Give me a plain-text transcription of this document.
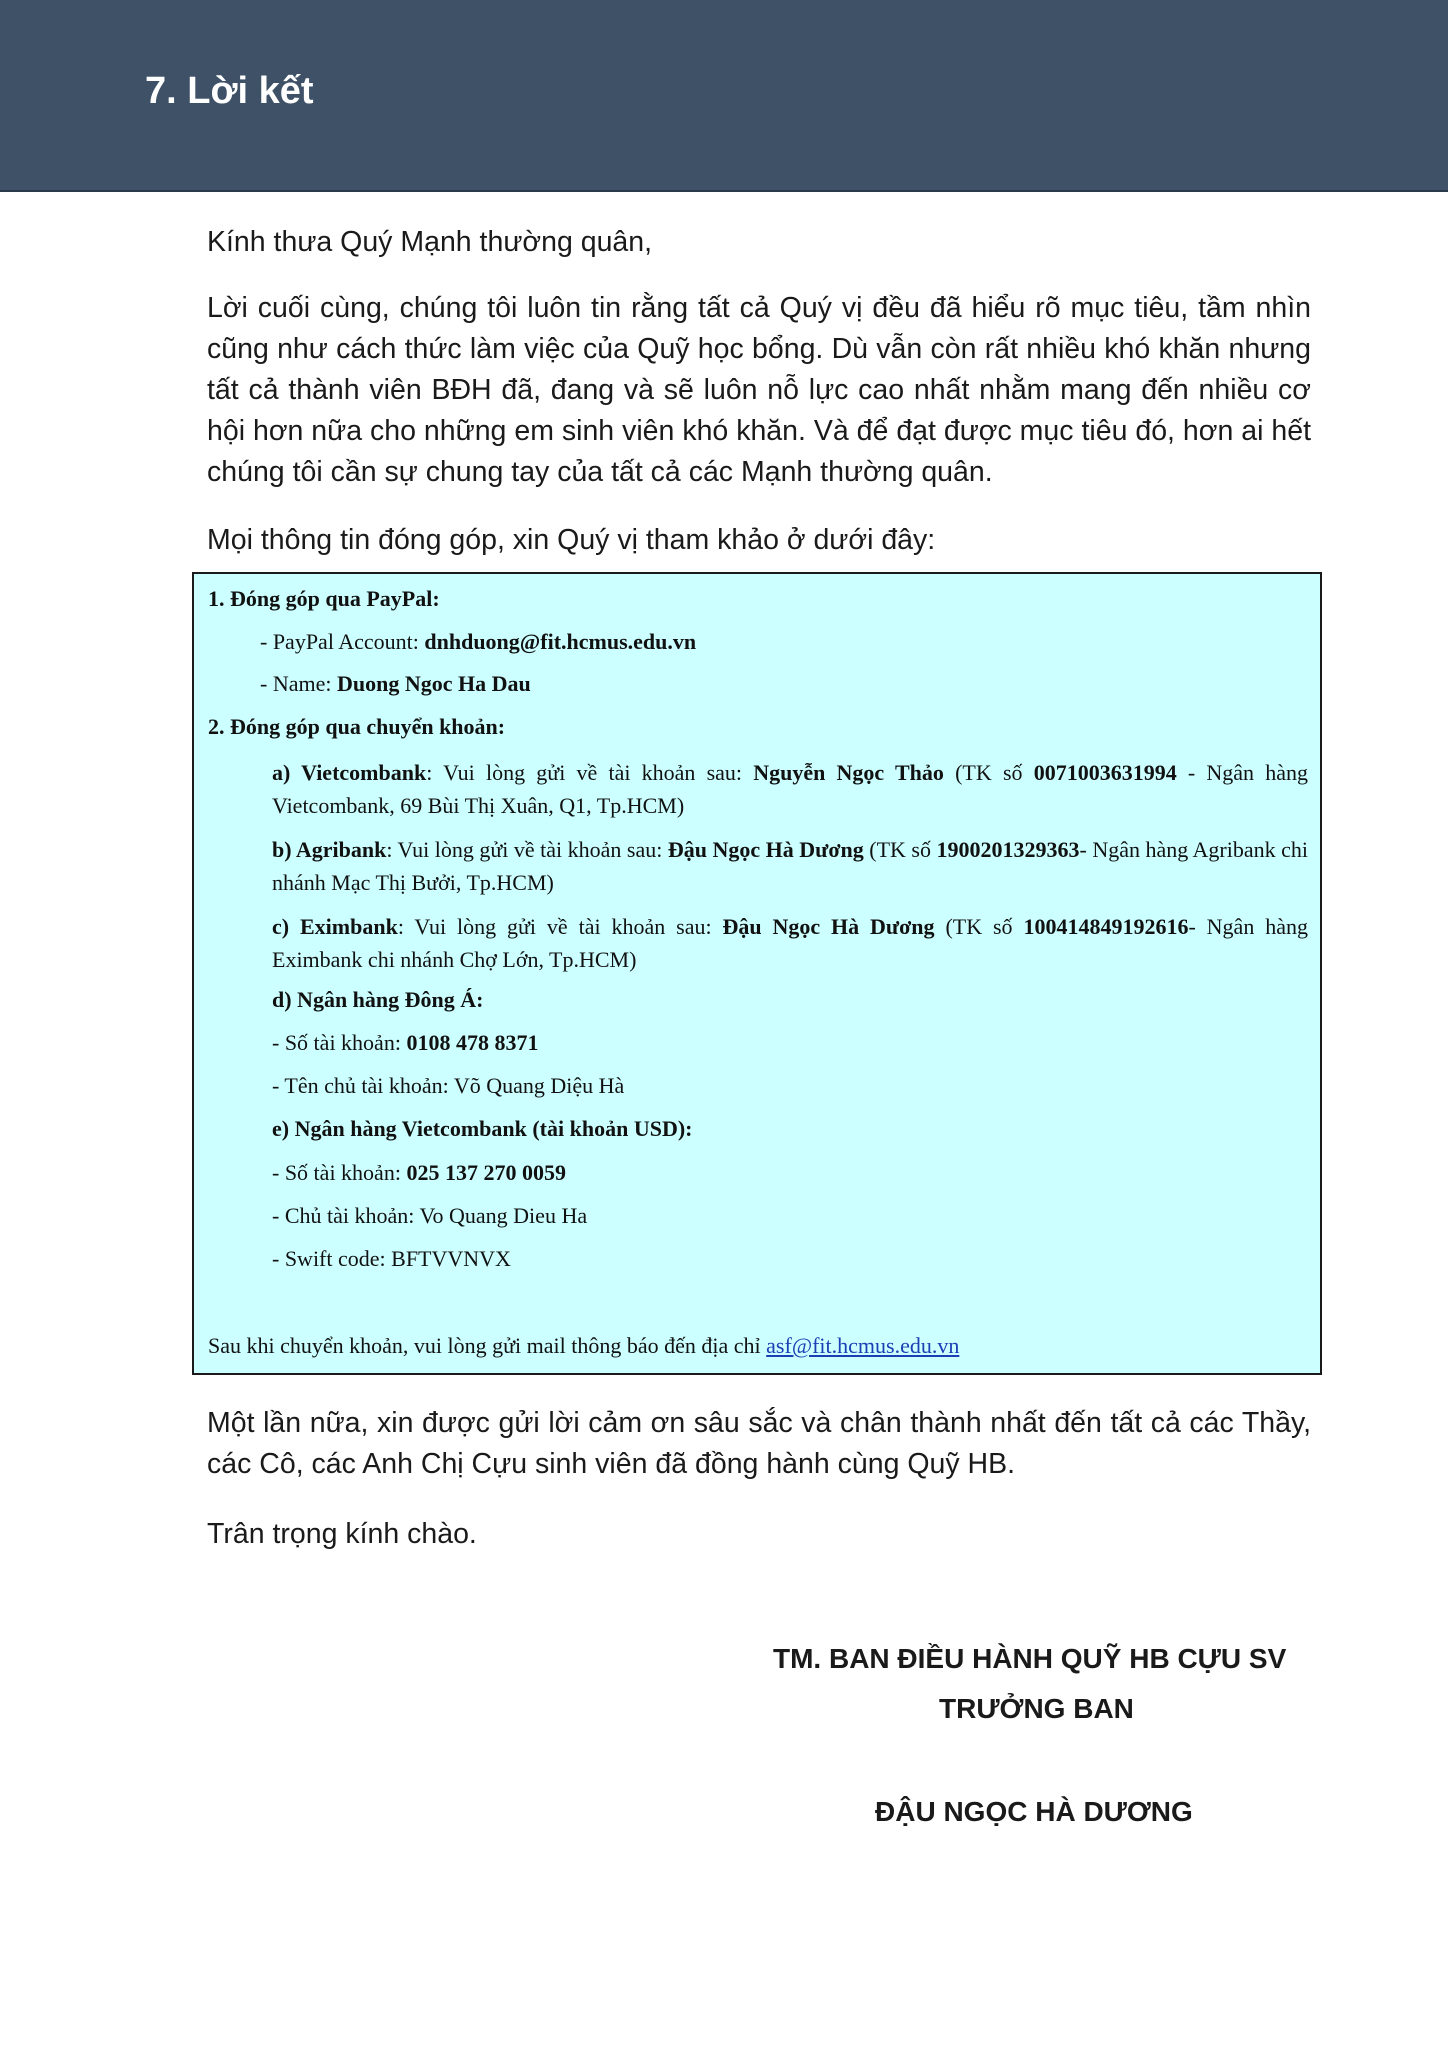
7. Lời kết

Kính thưa Quý Mạnh thường quân,

Lời cuối cùng, chúng tôi luôn tin rằng tất cả Quý vị đều đã hiểu rõ mục tiêu, tầm nhìn cũng như cách thức làm việc của Quỹ học bổng. Dù vẫn còn rất nhiều khó khăn nhưng tất cả thành viên BĐH đã, đang và sẽ luôn nỗ lực cao nhất nhằm mang đến nhiều cơ hội hơn nữa cho những em sinh viên khó khăn. Và để đạt được mục tiêu đó, hơn ai hết chúng tôi cần sự chung tay của tất cả các Mạnh thường quân.

Mọi thông tin đóng góp, xin Quý vị tham khảo ở dưới đây:

1. Đóng góp qua PayPal:
- PayPal Account: dnhduong@fit.hcmus.edu.vn
- Name: Duong Ngoc Ha Dau
2. Đóng góp qua chuyển khoản:
a) Vietcombank: Vui lòng gửi về tài khoản sau: Nguyễn Ngọc Thảo (TK số 0071003631994 - Ngân hàng Vietcombank, 69 Bùi Thị Xuân, Q1, Tp.HCM)
b) Agribank: Vui lòng gửi về tài khoản sau: Đậu Ngọc Hà Dương (TK số 1900201329363- Ngân hàng Agribank chi nhánh Mạc Thị Bưởi, Tp.HCM)
c) Eximbank: Vui lòng gửi về tài khoản sau: Đậu Ngọc Hà Dương (TK số 100414849192616- Ngân hàng Eximbank chi nhánh Chợ Lớn, Tp.HCM)
d) Ngân hàng Đông Á:
- Số tài khoản: 0108 478 8371
- Tên chủ tài khoản: Võ Quang Diệu Hà
e) Ngân hàng Vietcombank (tài khoản USD):
- Số tài khoản: 025 137 270 0059
- Chủ tài khoản: Vo Quang Dieu Ha
- Swift code: BFTVVNVX
Sau khi chuyển khoản, vui lòng gửi mail thông báo đến địa chỉ asf@fit.hcmus.edu.vn

Một lần nữa, xin được gửi lời cảm ơn sâu sắc và chân thành nhất đến tất cả các Thầy, các Cô, các Anh Chị Cựu sinh viên đã đồng hành cùng Quỹ HB.

Trân trọng kính chào.

TM. BAN ĐIỀU HÀNH QUỸ HB CỰU SV
TRƯỞNG BAN
ĐẬU NGỌC HÀ DƯƠNG
